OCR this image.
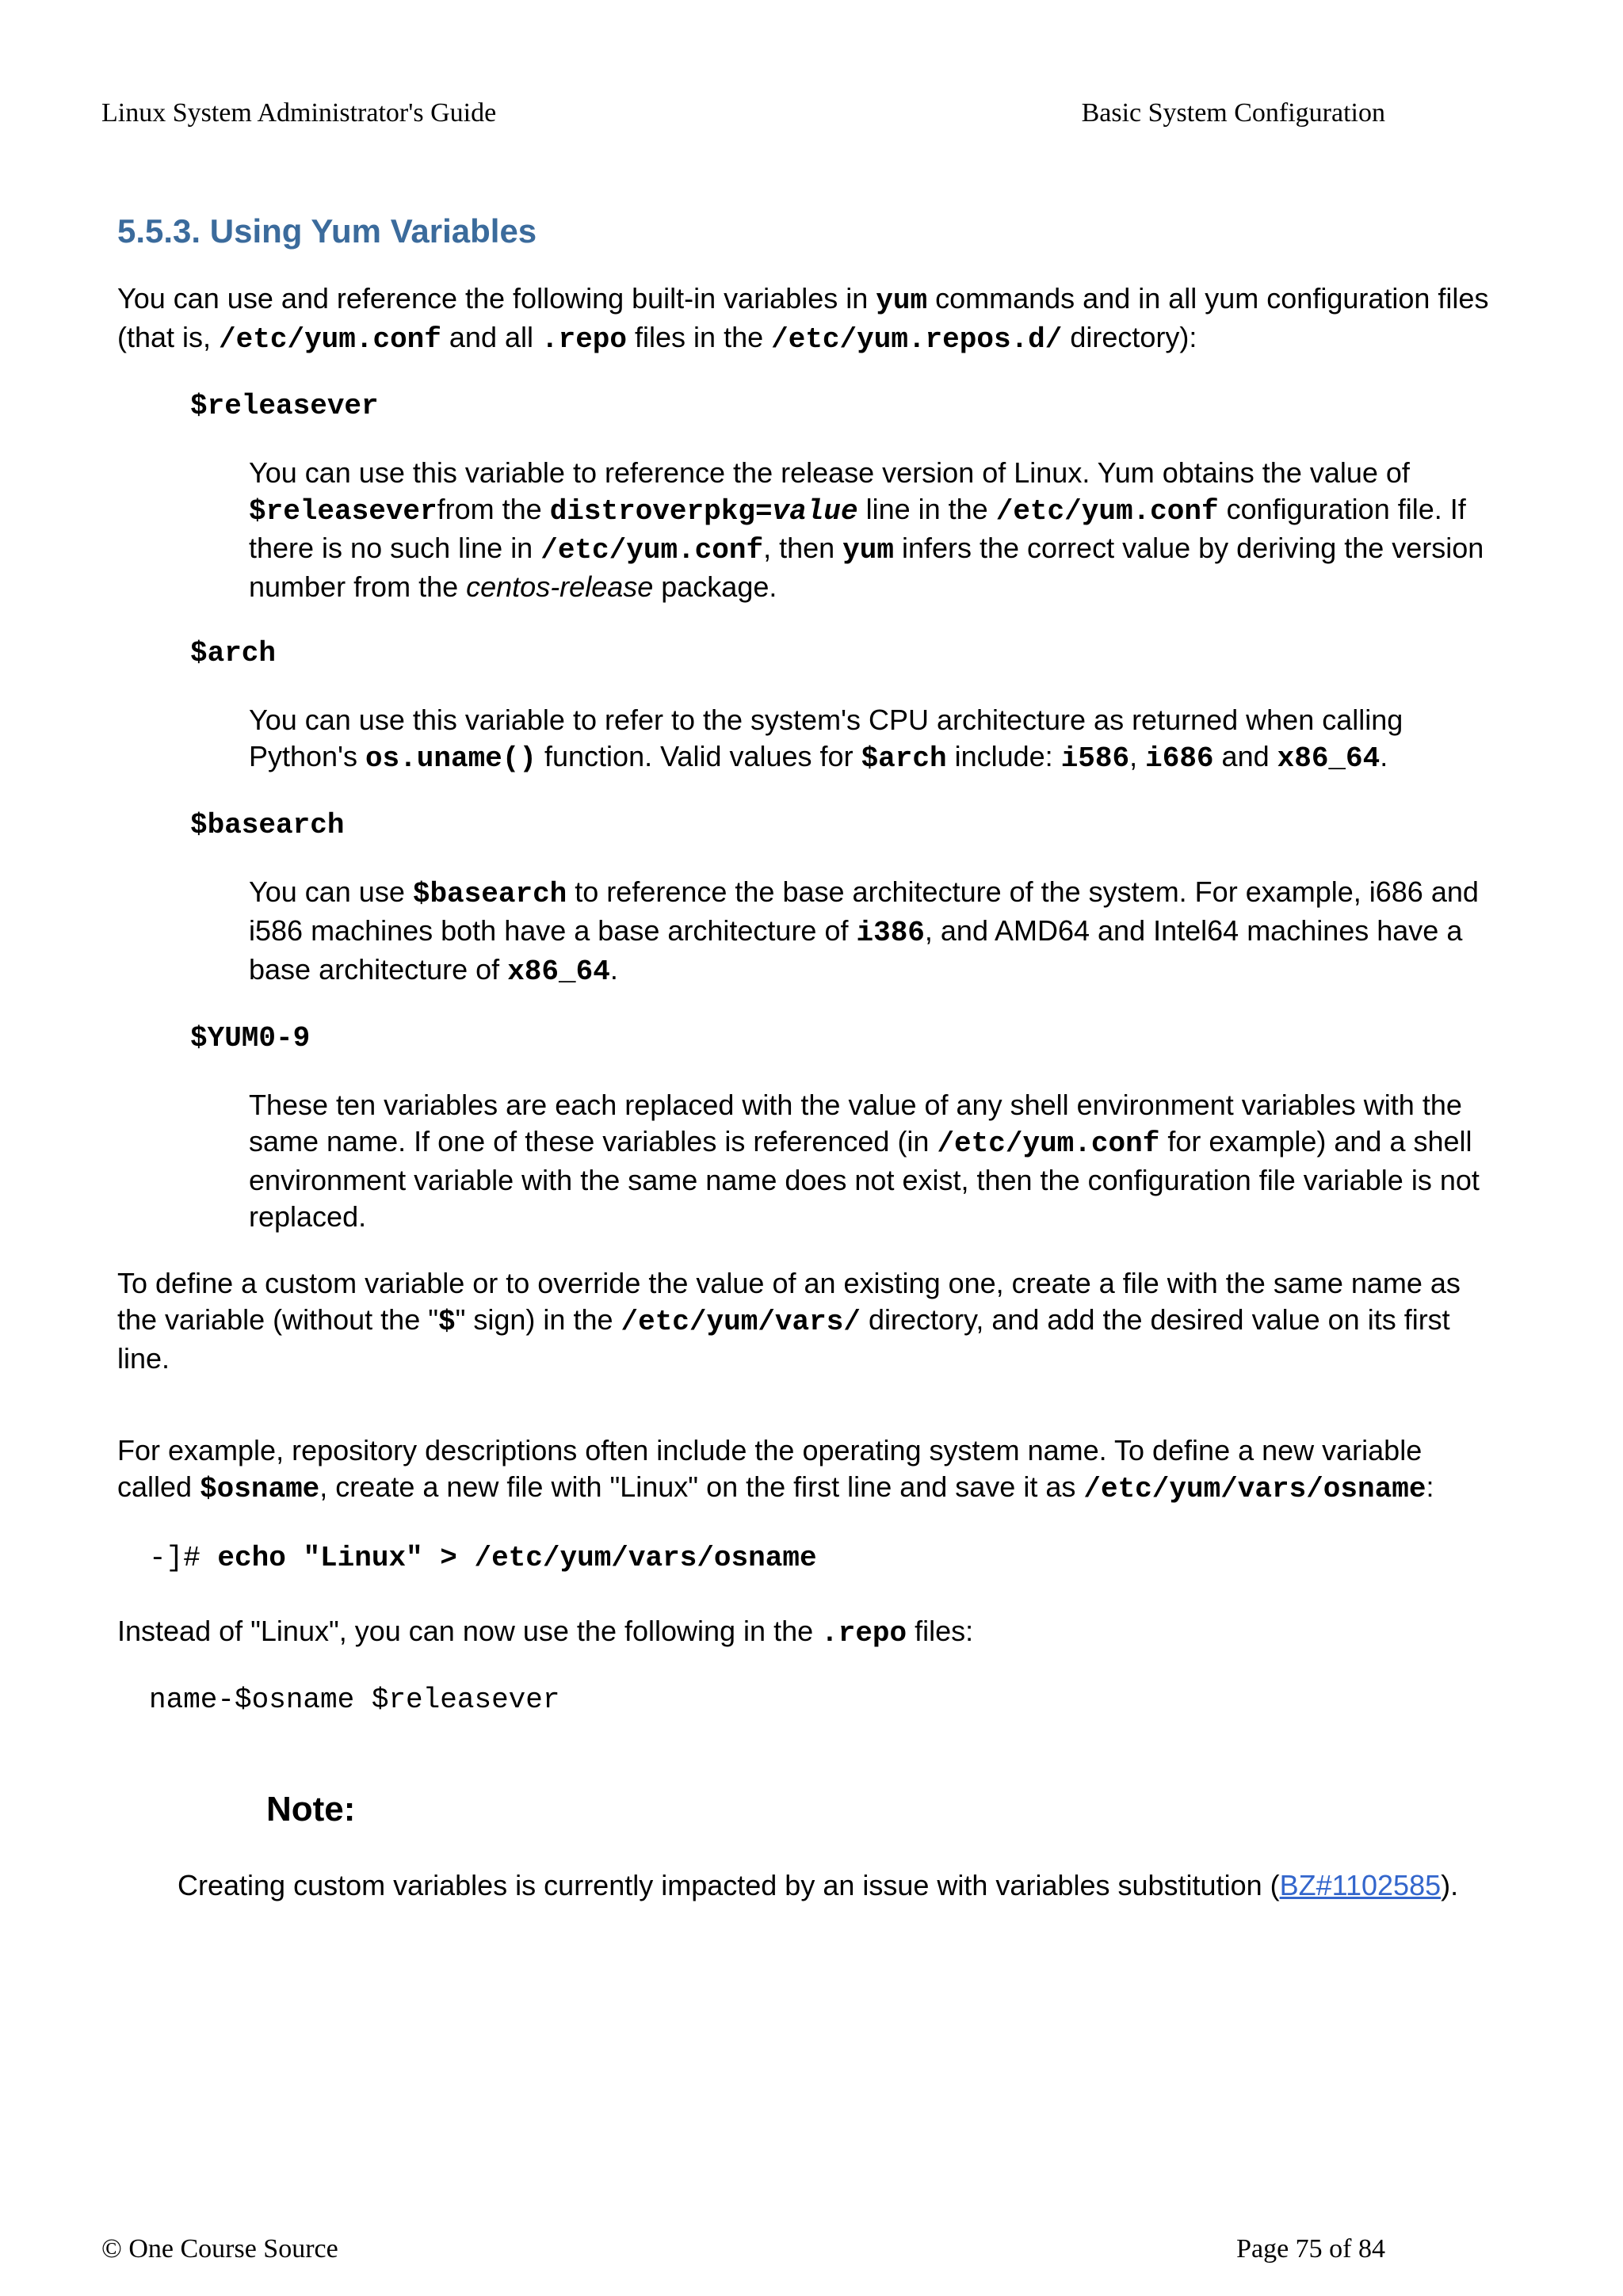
Linux System Administrator's Guide	Basic System Configuration
5.5.3. Using Yum Variables

You can use and reference the following built-in variables in yum commands and in all yum configuration files (that is, /etc/yum.conf and all .repo files in the /etc/yum.repos.d/ directory):

$releasever

You can use this variable to reference the release version of Linux. Yum obtains the value of $releaseverfrom the distroverpkg=value line in the /etc/yum.conf configuration file. If there is no such line in /etc/yum.conf, then yum infers the correct value by deriving the version number from the centos-release package.

$arch

You can use this variable to refer to the system's CPU architecture as returned when calling Python's os.uname() function. Valid values for $arch include: i586, i686 and x86_64.

$basearch

You can use $basearch to reference the base architecture of the system. For example, i686 and i586 machines both have a base architecture of i386, and AMD64 and Intel64 machines have a base architecture of x86_64.

$YUM0-9

These ten variables are each replaced with the value of any shell environment variables with the same name. If one of these variables is referenced (in /etc/yum.conf for example) and a shell environment variable with the same name does not exist, then the configuration file variable is not replaced.

To define a custom variable or to override the value of an existing one, create a file with the same name as the variable (without the "$" sign) in the /etc/yum/vars/ directory, and add the desired value on its first line.

For example, repository descriptions often include the operating system name. To define a new variable called $osname, create a new file with "Linux" on the first line and save it as /etc/yum/vars/osname:

-]# echo "Linux" > /etc/yum/vars/osname

Instead of "Linux", you can now use the following in the .repo files:

name-$osname $releasever
Note:

Creating custom variables is currently impacted by an issue with variables substitution (BZ#1102585).

© One Course Source	Page 75 of 84
